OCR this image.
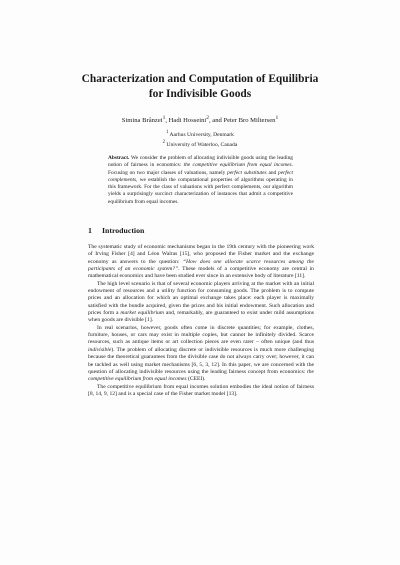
Characterization and Computation of Equilibria
for Indivisible Goods
Simina Brânzei$^1$, Hadi Hosseini$^2$, and Peter Bro Miltersen$^1$
$^1$ Aarhus University, Denmark
$^2$ University of Waterloo, Canada

Abstract. We consider the problem of allocating indivisible goods using the leading notion of fairness in economics: the competitive equilibrium from equal incomes. Focusing on two major classes of valuations, namely perfect substitutes and perfect complements, we establish the computational properties of algorithms operating in this framework. For the class of valuations with perfect complements, our algorithm yields a surprisingly succinct characterization of instances that admit a competitive equilibrium from equal incomes.

1 Introduction

The systematic study of economic mechanisms began in the 19th century with the pioneering work of Irving Fisher [4] and Léon Walras [15], who proposed the Fisher market and the exchange economy as answers to the question: “How does one allocate scarce resources among the participants of an economic system?”. These models of a competitive economy are central in mathematical economics and have been studied ever since in an extensive body of literature [11].

The high level scenario is that of several economic players arriving at the market with an initial endowment of resources and a utility function for consuming goods. The problem is to compute prices and an allocation for which an optimal exchange takes place: each player is maximally satisfied with the bundle acquired, given the prices and his initial endowment. Such allocation and prices form a market equilibrium and, remarkably, are guaranteed to exist under mild assumptions when goods are divisible [1].

In real scenarios, however, goods often come in discrete quantities; for example, clothes, furniture, houses, or cars may exist in multiple copies, but cannot be infinitely divided. Scarce resources, such as antique items or art collection pieces are even rarer – often unique (and thus indivisible). The problem of allocating discrete or indivisible resources is much more challenging because the theoretical guarantees from the divisible case do not always carry over; however, it can be tackled as well using market mechanisms [6, 5, 3, 12]. In this paper, we are concerned with the question of allocating indivisible resources using the leading fairness concept from economics: the competitive equilibrium from equal incomes (CEEI).

The competitive equilibrium from equal incomes solution embodies the ideal notion of fairness [8, 14, 9, 12] and is a special case of the Fisher market model [13].
